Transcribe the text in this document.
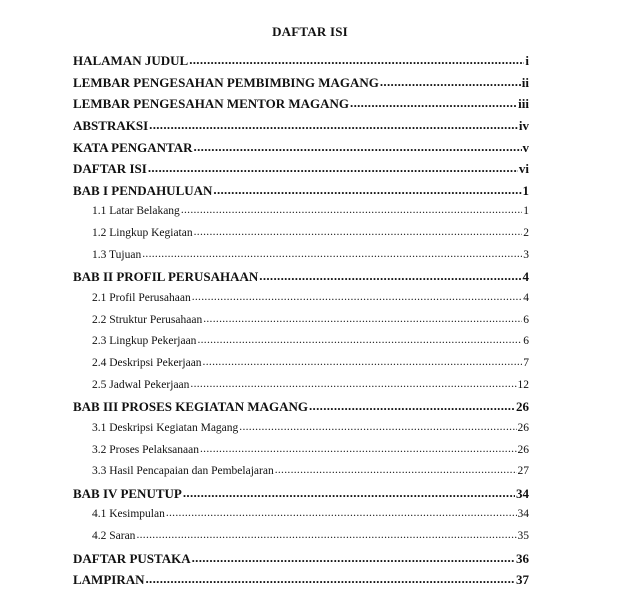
DAFTAR ISI
HALAMAN JUDUL .....	i
LEMBAR PENGESAHAN PEMBIMBING MAGANG .....	ii
LEMBAR PENGESAHAN MENTOR MAGANG .....	iii
ABSTRAKSI .....	iv
KATA PENGANTAR .....	v
DAFTAR ISI .....	vi
BAB I PENDAHULUAN .....	1
1.1 Latar Belakang .....	1
1.2 Lingkup Kegiatan .....	2
1.3 Tujuan .....	3
BAB II PROFIL PERUSAHAAN .....	4
2.1 Profil Perusahaan .....	4
2.2 Struktur Perusahaan .....	6
2.3 Lingkup Pekerjaan .....	6
2.4 Deskripsi Pekerjaan .....	7
2.5 Jadwal Pekerjaan .....	12
BAB III PROSES KEGIATAN MAGANG .....	26
3.1 Deskripsi Kegiatan Magang .....	26
3.2 Proses Pelaksanaan .....	26
3.3 Hasil Pencapaian dan Pembelajaran .....	27
BAB IV PENUTUP .....	34
4.1 Kesimpulan .....	34
4.2 Saran .....	35
DAFTAR PUSTAKA .....	36
LAMPIRAN .....	37
